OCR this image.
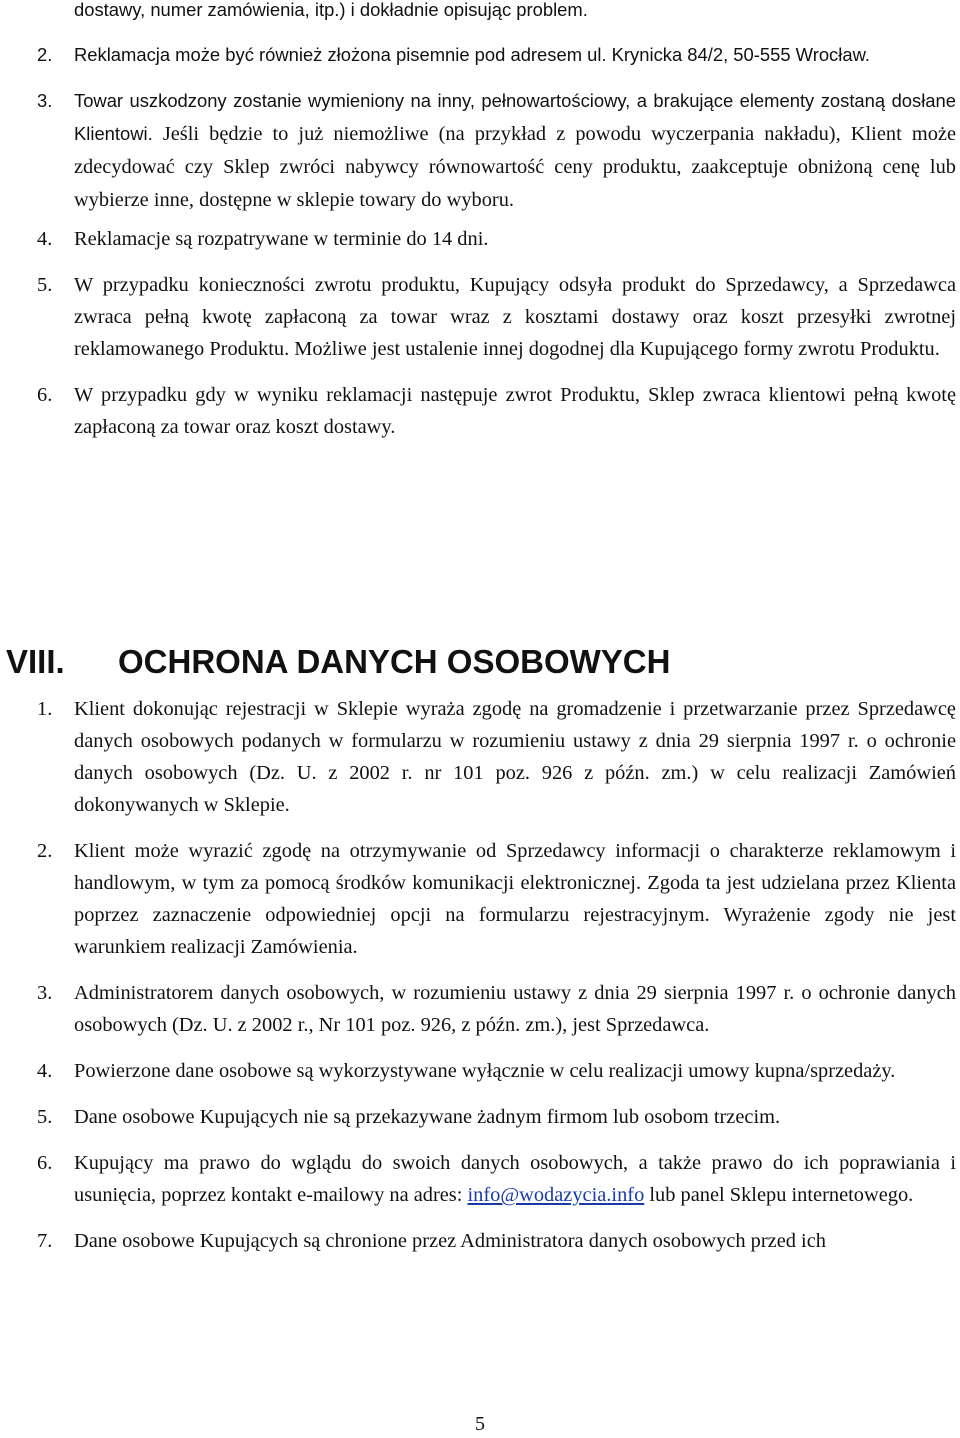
dostawy, numer zamówienia, itp.) i dokładnie opisując problem.
2.	Reklamacja może być również złożona pisemnie pod adresem ul. Krynicka 84/2, 50-555 Wrocław.
3.	Towar uszkodzony zostanie wymieniony na inny, pełnowartościowy, a brakujące elementy zostaną dosłane Klientowi. Jeśli będzie to już niemożliwe (na przykład z powodu wyczerpania nakładu), Klient może zdecydować czy Sklep zwróci nabywcy równowartość ceny produktu, zaakceptuje obniżoną cenę lub wybierze inne, dostępne w sklepie towary do wyboru.
4.	Reklamacje są rozpatrywane w terminie do 14 dni.
5.	W przypadku konieczności zwrotu produktu, Kupujący odsyła produkt do Sprzedawcy, a Sprzedawca zwraca pełną kwotę zapłaconą za towar wraz z kosztami dostawy oraz koszt przesyłki zwrotnej reklamowanego Produktu. Możliwe jest ustalenie innej dogodnej dla Kupującego formy zwrotu Produktu.
6.	W przypadku gdy w wyniku reklamacji następuje zwrot Produktu, Sklep zwraca klientowi pełną kwotę zapłaconą za towar oraz koszt dostawy.
VIII.	OCHRONA DANYCH OSOBOWYCH
1.	Klient dokonując rejestracji w Sklepie wyraża zgodę na gromadzenie i przetwarzanie przez Sprzedawcę danych osobowych podanych w formularzu w rozumieniu ustawy z dnia 29 sierpnia 1997 r. o ochronie danych osobowych (Dz. U. z 2002 r. nr 101 poz. 926 z późn. zm.) w celu realizacji Zamówień dokonywanych w Sklepie.
2.	Klient może wyrazić zgodę na otrzymywanie od Sprzedawcy informacji o charakterze reklamowym i handlowym, w tym za pomocą środków komunikacji elektronicznej. Zgoda ta jest udzielana przez Klienta poprzez zaznaczenie odpowiedniej opcji na formularzu rejestracyjnym. Wyrażenie zgody nie jest warunkiem realizacji Zamówienia.
3.	Administratorem danych osobowych, w rozumieniu ustawy z dnia 29 sierpnia 1997 r. o ochronie danych osobowych (Dz. U. z 2002 r., Nr 101 poz. 926, z późn. zm.), jest Sprzedawca.
4.	Powierzone dane osobowe są wykorzystywane wyłącznie w celu realizacji umowy kupna/sprzedaży.
5.	Dane osobowe Kupujących nie są przekazywane żadnym firmom lub osobom trzecim.
6.	Kupujący ma prawo do wglądu do swoich danych osobowych, a także prawo do ich poprawiania i usunięcia, poprzez kontakt e-mailowy na adres: info@wodazycia.info lub panel Sklepu internetowego.
7.	Dane osobowe Kupujących są chronione przez Administratora danych osobowych przed ich
5
